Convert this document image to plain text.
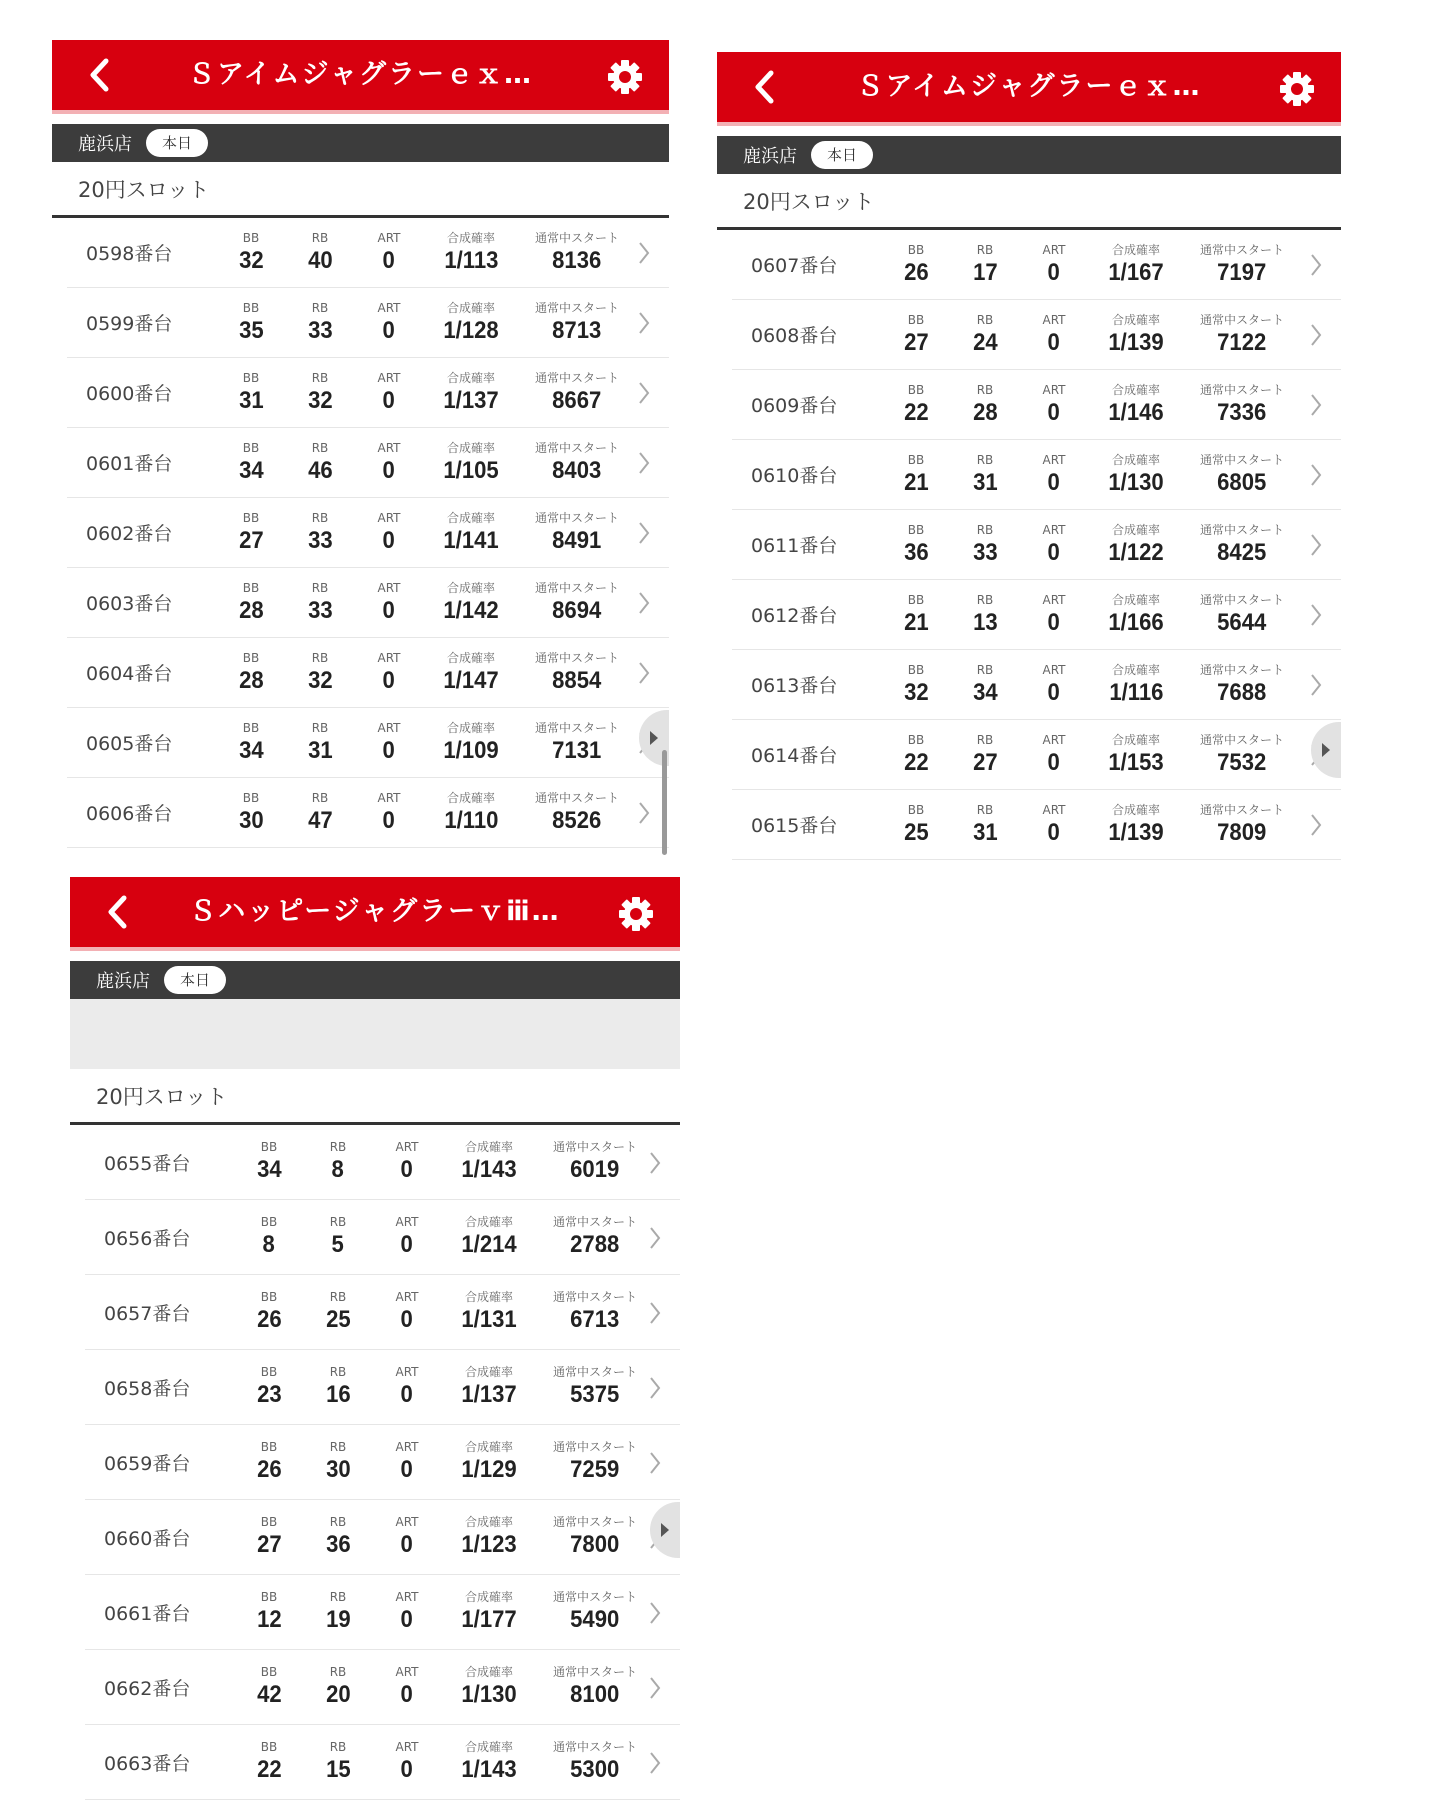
Ｓアイムジャグラーｅｘ…
鹿浜店	本日
20円スロット
0598番台
BB
32
RB
40
ART
0
合成確率
1/113
通常中スタート
8136
0599番台
BB
35
RB
33
ART
0
合成確率
1/128
通常中スタート
8713
0600番台
BB
31
RB
32
ART
0
合成確率
1/137
通常中スタート
8667
0601番台
BB
34
RB
46
ART
0
合成確率
1/105
通常中スタート
8403
0602番台
BB
27
RB
33
ART
0
合成確率
1/141
通常中スタート
8491
0603番台
BB
28
RB
33
ART
0
合成確率
1/142
通常中スタート
8694
0604番台
BB
28
RB
32
ART
0
合成確率
1/147
通常中スタート
8854
0605番台
BB
34
RB
31
ART
0
合成確率
1/109
通常中スタート
7131
0606番台
BB
30
RB
47
ART
0
合成確率
1/110
通常中スタート
8526
Ｓアイムジャグラーｅｘ…
鹿浜店	本日
20円スロット
0607番台
BB
26
RB
17
ART
0
合成確率
1/167
通常中スタート
7197
0608番台
BB
27
RB
24
ART
0
合成確率
1/139
通常中スタート
7122
0609番台
BB
22
RB
28
ART
0
合成確率
1/146
通常中スタート
7336
0610番台
BB
21
RB
31
ART
0
合成確率
1/130
通常中スタート
6805
0611番台
BB
36
RB
33
ART
0
合成確率
1/122
通常中スタート
8425
0612番台
BB
21
RB
13
ART
0
合成確率
1/166
通常中スタート
5644
0613番台
BB
32
RB
34
ART
0
合成確率
1/116
通常中スタート
7688
0614番台
BB
22
RB
27
ART
0
合成確率
1/153
通常中スタート
7532
0615番台
BB
25
RB
31
ART
0
合成確率
1/139
通常中スタート
7809
Ｓハッピージャグラーｖⅲ…
鹿浜店	本日
20円スロット
0655番台
BB
34
RB
8
ART
0
合成確率
1/143
通常中スタート
6019
0656番台
BB
8
RB
5
ART
0
合成確率
1/214
通常中スタート
2788
0657番台
BB
26
RB
25
ART
0
合成確率
1/131
通常中スタート
6713
0658番台
BB
23
RB
16
ART
0
合成確率
1/137
通常中スタート
5375
0659番台
BB
26
RB
30
ART
0
合成確率
1/129
通常中スタート
7259
0660番台
BB
27
RB
36
ART
0
合成確率
1/123
通常中スタート
7800
0661番台
BB
12
RB
19
ART
0
合成確率
1/177
通常中スタート
5490
0662番台
BB
42
RB
20
ART
0
合成確率
1/130
通常中スタート
8100
0663番台
BB
22
RB
15
ART
0
合成確率
1/143
通常中スタート
5300
